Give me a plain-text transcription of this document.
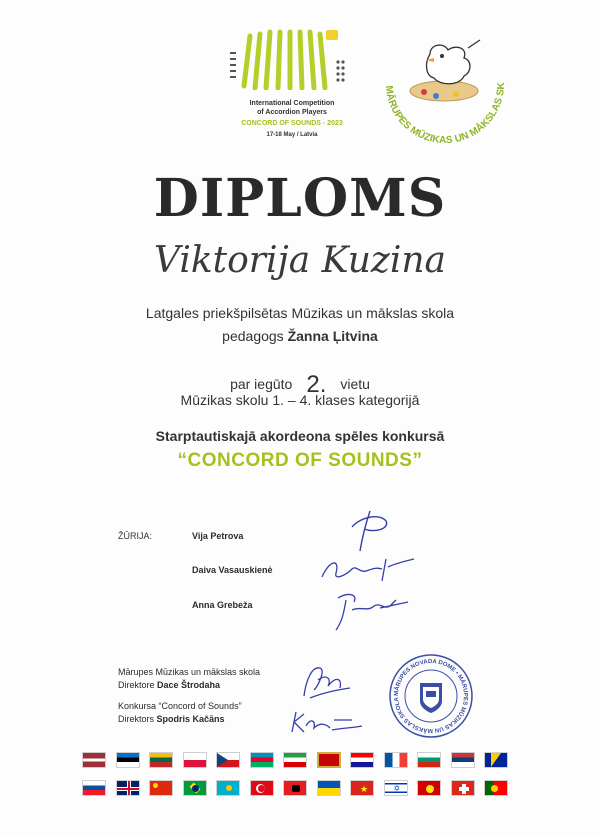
International Competition
of Accordion Players
CONCORD OF SOUNDS - 2023
17-18 May / Latvia
MĀRUPES MŪZIKAS UN MĀKSLAS SK
DIPLOMS
Viktorija Kuzina
Latgales priekšpilsētas Mūzikas un mākslas skola
pedagogs Žanna Ļitvina
par iegūto 2. vietu
Mūzikas skolu 1. – 4. klases kategorijā
Starptautiskajā akordeona spēles konkursā
“CONCORD OF SOUNDS”
ŽŪRIJA:	Vija Petrova
Daiva Vasauskienė
Anna Grebeža
Mārupes Mūzikas un mākslas skola
Direktore Dace Štrodaha
Konkursa “Concord of Sounds”
Direktors Spodris Kačāns
MĀRUPES NOVADA DOME • MĀRUPES MŪZIKAS UN MĀKSLAS SKOLA
★	✡
